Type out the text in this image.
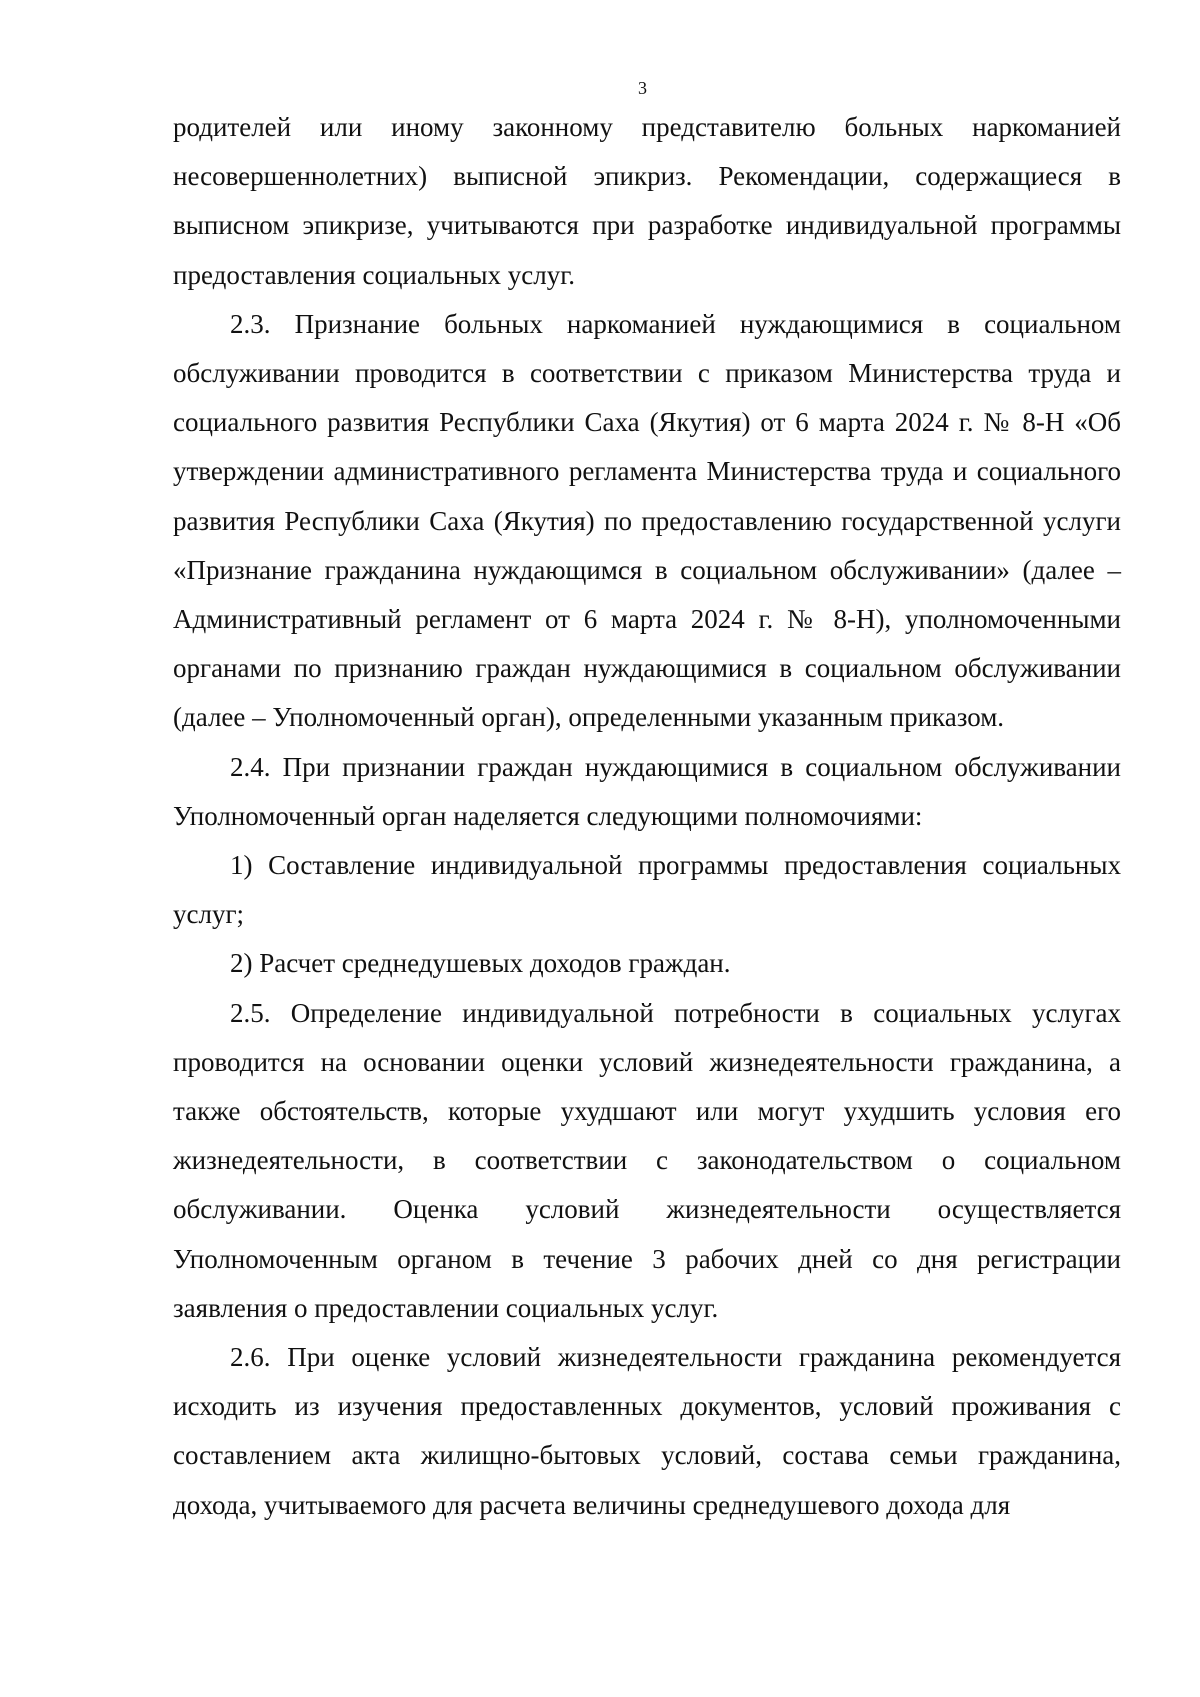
3

родителей или иному законному представителю больных наркоманией несовершеннолетних) выписной эпикриз. Рекомендации, содержащиеся в выписном эпикризе, учитываются при разработке индивидуальной программы предоставления социальных услуг.

2.3. Признание больных наркоманией нуждающимися в социальном обслуживании проводится в соответствии с приказом Министерства труда и социального развития Республики Саха (Якутия) от 6 марта 2024 г. № 8-Н «Об утверждении административного регламента Министерства труда и социального развития Республики Саха (Якутия) по предоставлению государственной услуги «Признание гражданина нуждающимся в социальном обслуживании» (далее – Административный регламент от 6 марта 2024 г. № 8-Н), уполномоченными органами по признанию граждан нуждающимися в социальном обслуживании (далее – Уполномоченный орган), определенными указанным приказом.

2.4. При признании граждан нуждающимися в социальном обслуживании Уполномоченный орган наделяется следующими полномочиями:

1) Составление индивидуальной программы предоставления социальных услуг;

2) Расчет среднедушевых доходов граждан.

2.5. Определение индивидуальной потребности в социальных услугах проводится на основании оценки условий жизнедеятельности гражданина, а также обстоятельств, которые ухудшают или могут ухудшить условия его жизнедеятельности, в соответствии с законодательством о социальном обслуживании. Оценка условий жизнедеятельности осуществляется Уполномоченным органом в течение 3 рабочих дней со дня регистрации заявления о предоставлении социальных услуг.

2.6. При оценке условий жизнедеятельности гражданина рекомендуется исходить из изучения предоставленных документов, условий проживания с составлением акта жилищно-бытовых условий, состава семьи гражданина, дохода, учитываемого для расчета величины среднедушевого дохода для
